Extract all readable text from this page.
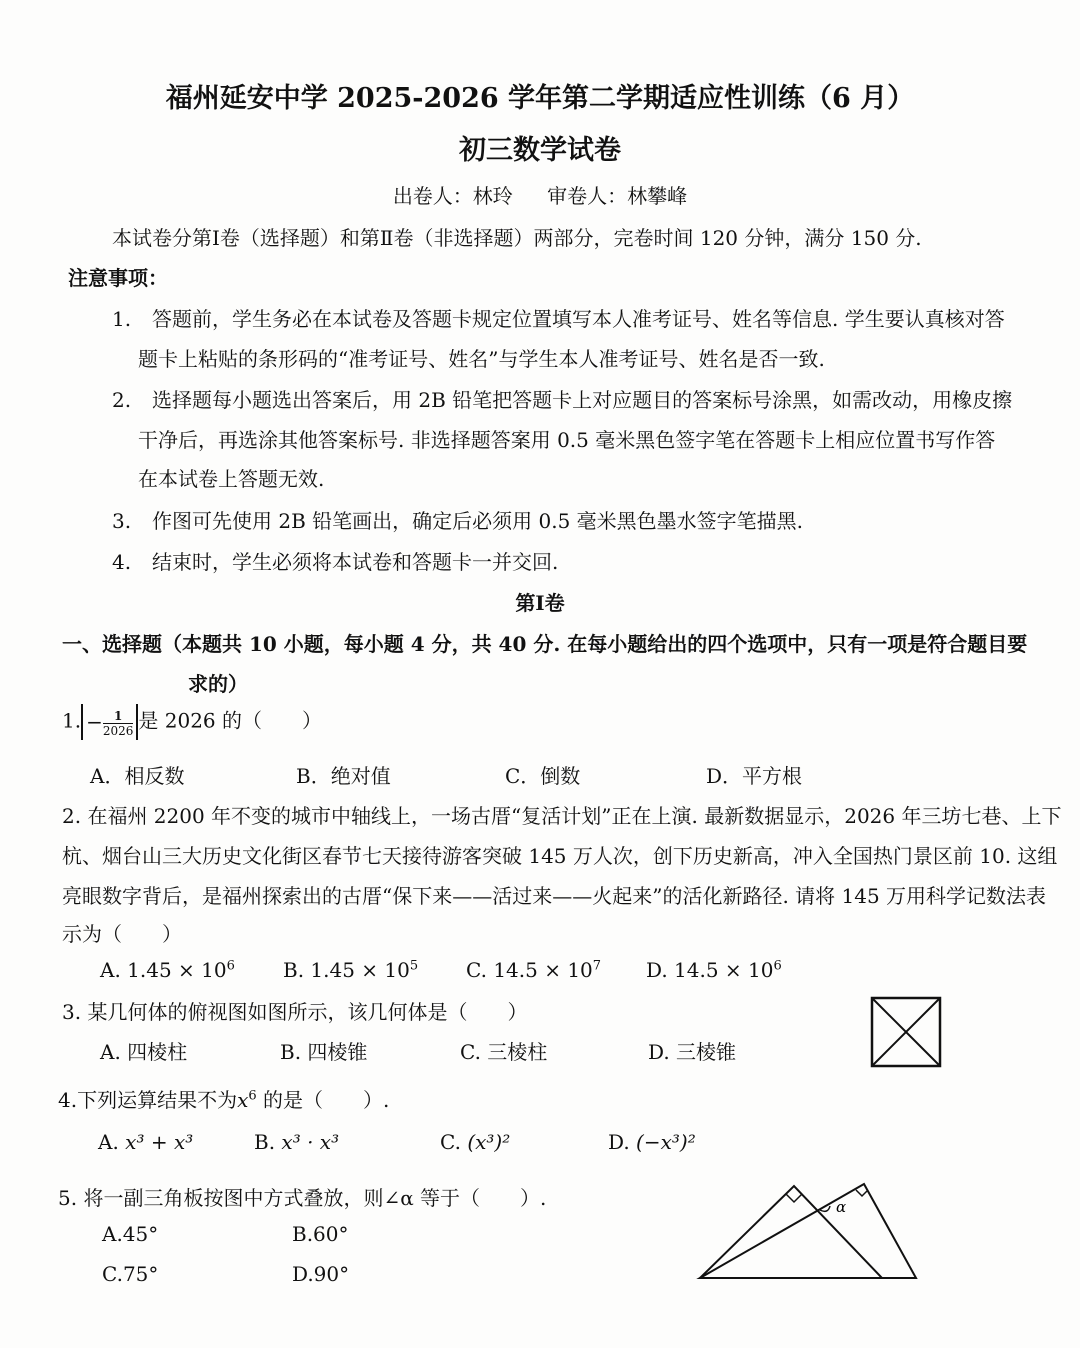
福州延安中学 2025-2026 学年第二学期适应性训练（6 月）
初三数学试卷
出卷人：林玲 审卷人：林攀峰
本试卷分第Ⅰ卷（选择题）和第Ⅱ卷（非选择题）两部分，完卷时间 120 分钟，满分 150 分.
注意事项：
1. 答题前，学生务必在本试卷及答题卡规定位置填写本人准考证号、姓名等信息. 学生要认真核对答
题卡上粘贴的条形码的“准考证号、姓名”与学生本人准考证号、姓名是否一致.
2. 选择题每小题选出答案后，用 2B 铅笔把答题卡上对应题目的答案标号涂黑，如需改动，用橡皮擦
干净后，再选涂其他答案标号. 非选择题答案用 0.5 毫米黑色签字笔在答题卡上相应位置书写作答
在本试卷上答题无效.
3. 作图可先使用 2B 铅笔画出，确定后必须用 0.5 毫米黑色墨水签字笔描黑.
4. 结束时，学生必须将本试卷和答题卡一并交回.
第Ⅰ卷
一、选择题（本题共 10 小题，每小题 4 分，共 40 分. 在每小题给出的四个选项中，只有一项是符合题目要
求的）
1. − $\frac{1}{2026}$ 是 2026 的（　　）
A．相反数	B．绝对值	C．倒数	D．平方根
2. 在福州 2200 年不变的城市中轴线上，一场古厝“复活计划”正在上演. 最新数据显示，2026 年三坊七巷、上下
杭、烟台山三大历史文化街区春节七天接待游客突破 145 万人次，创下历史新高，冲入全国热门景区前 10. 这组
亮眼数字背后，是福州探索出的古厝“保下来——活过来——火起来”的活化新路径. 请将 145 万用科学记数法表
示为（　　）
A. $1.45 \times 10^6$ B. $1.45 \times 10^5$ C. $14.5 \times 10^7$ D. $14.5 \times 10^6$
3. 某几何体的俯视图如图所示，该几何体是（　　）
A. 四棱柱	B. 四棱锥	C. 三棱柱	D. 三棱锥
4.下列运算结果不为$x^6$ 的是（　　）.
A. x³ + x³	B. x³ · x³	C. (x³)²	D. (−x³)²
5. 将一副三角板按图中方式叠放，则∠α 等于（　　）.
A.45°	B.60°
C.75°	D.90°
α
